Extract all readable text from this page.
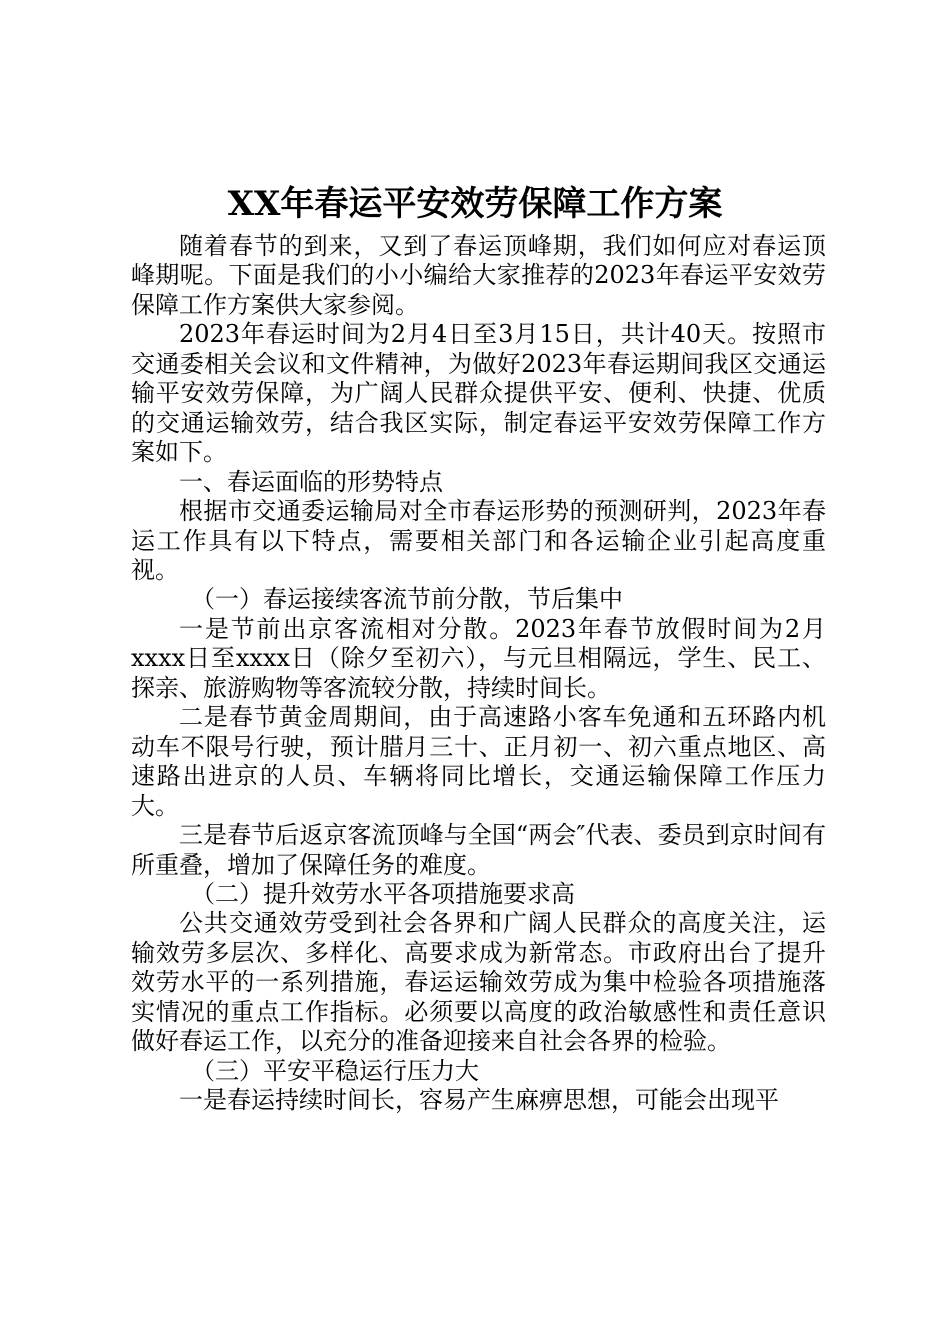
XX年春运平安效劳保障工作方案

随着春节的到来，又到了春运顶峰期，我们如何应对春运顶峰期呢。下面是我们的小小编给大家推荐的2023年春运平安效劳保障工作方案供大家参阅。

2023年春运时间为2月4日至3月15日，共计40天。按照市交通委相关会议和文件精神，为做好2023年春运期间我区交通运输平安效劳保障，为广阔人民群众提供平安、便利、快捷、优质的交通运输效劳，结合我区实际，制定春运平安效劳保障工作方案如下。

一、春运面临的形势特点

根据市交通委运输局对全市春运形势的预测研判，2023年春运工作具有以下特点，需要相关部门和各运输企业引起高度重视。

（一）春运接续客流节前分散，节后集中

一是节前出京客流相对分散。2023年春节放假时间为2月xxxx日至xxxx日（除夕至初六），与元旦相隔远，学生、民工、探亲、旅游购物等客流较分散，持续时间长。

二是春节黄金周期间，由于高速路小客车免通和五环路内机动车不限号行驶，预计腊月三十、正月初一、初六重点地区、高速路出进京的人员、车辆将同比增长，交通运输保障工作压力大。

三是春节后返京客流顶峰与全国“两会″代表、委员到京时间有所重叠，增加了保障任务的难度。

（二）提升效劳水平各项措施要求高

公共交通效劳受到社会各界和广阔人民群众的高度关注，运输效劳多层次、多样化、高要求成为新常态。市政府出台了提升效劳水平的一系列措施，春运运输效劳成为集中检验各项措施落实情况的重点工作指标。必须要以高度的政治敏感性和责任意识做好春运工作，以充分的准备迎接来自社会各界的检验。

（三）平安平稳运行压力大

一是春运持续时间长，容易产生麻痹思想，可能会出现平
